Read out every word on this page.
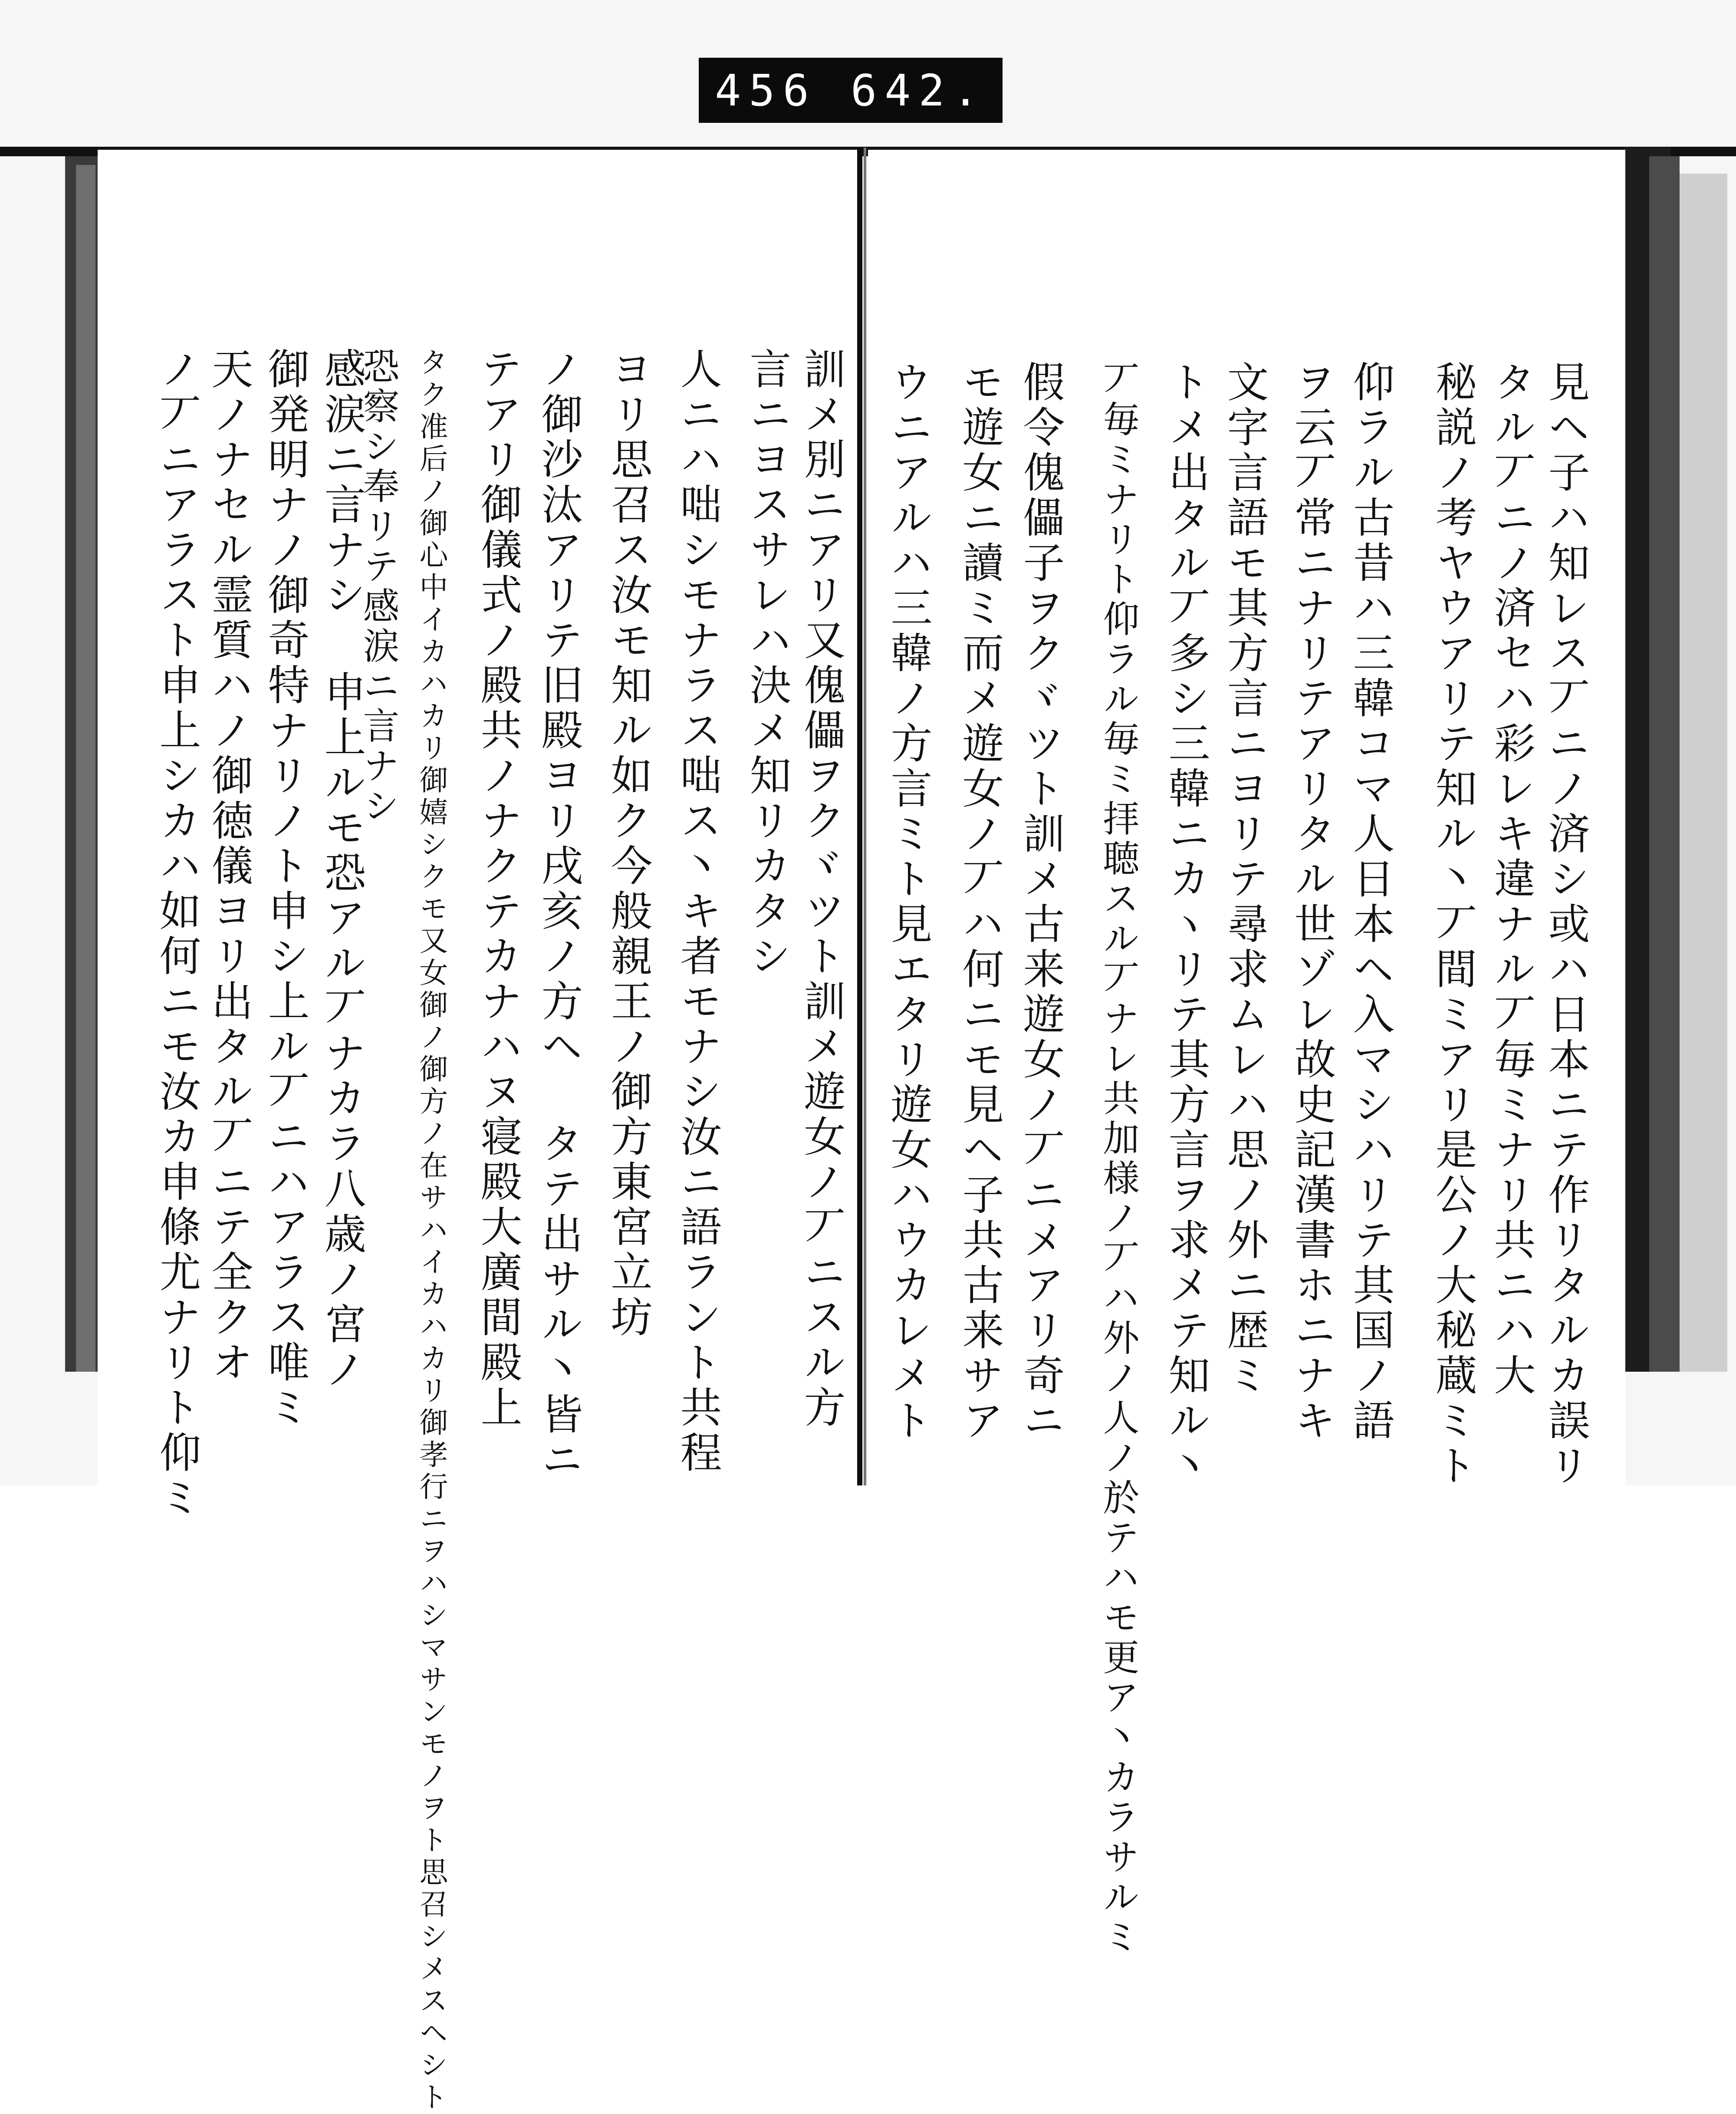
456 642.
見ヘ子ハ知レス丆ニノ済シ或ハ日本ニテ作リタルカ誤リ
タル丆ニノ済セハ彩レキ違ナル丆毎ミナリ共ニハ大
秘説ノ考ヤウアリテ知ル丶丆間ミアリ是公ノ大秘蔵ミト
仰ラル古昔ハ三韓コマ人日本ヘ入マシハリテ其国ノ語
ヲ云丆常ニナリテアリタル世ゾレ故史記漢書ホニナキ
文字言語モ其方言ニヨリテ尋求ムレハ思ノ外ニ歴ミ
トメ出タル丆多シ三韓ニカヽリテ其方言ヲ求メテ知ル丶
丆毎ミナリト仰ラル毎ミ拝聴スル丆ナレ共加様ノ丆ハ外ノ人ノ於テハモ更ア丶カラサルミ
假令傀儡子ヲクヾツト訓メ古来遊女ノ丆ニメアリ奇ニ
モ遊女ニ讀ミ而メ遊女ノ丆ハ何ニモ見ヘ子共古来サア
ウニアルハ三韓ノ方言ミト見エタリ遊女ハウカレメト
訓メ別ニアリ又傀儡ヲクヾツト訓メ遊女ノ丆ニスル方
言ニヨスサレハ決メ知リカタシ
人ニハ咄シモナラス咄ス丶キ者モナシ汝ニ語ラント共程
ヨリ思召ス汝モ知ル如ク今般親王ノ御方東宮立坊
ノ御沙汰アリテ旧殿ヨリ戌亥ノ方ヘ タテ出サル丶皆ニ
テアリ御儀式ノ殿共ノナクテカナハヌ寝殿大廣間殿上
タク准后ノ御心中イカハカリ御嬉シクモ又女御ノ御方ノ在サハイカハカリ御孝行ニヲハシマサンモノヲト思召シメスヘシト
恐察シ奉リテ感涙ニ言ナシ
感涙ニ言ナシ 申上ルモ恐アル丆ナカラ八歳ノ宮ノ
御発明ナノ御奇特ナリノト申シ上ル丆ニハアラス唯ミ
天ノナセル霊質ハノ御徳儀ヨリ出タル丆ニテ全クオ
ノ丆ニアラスト申上シカハ如何ニモ汝カ申條尤ナリト仰ミ
